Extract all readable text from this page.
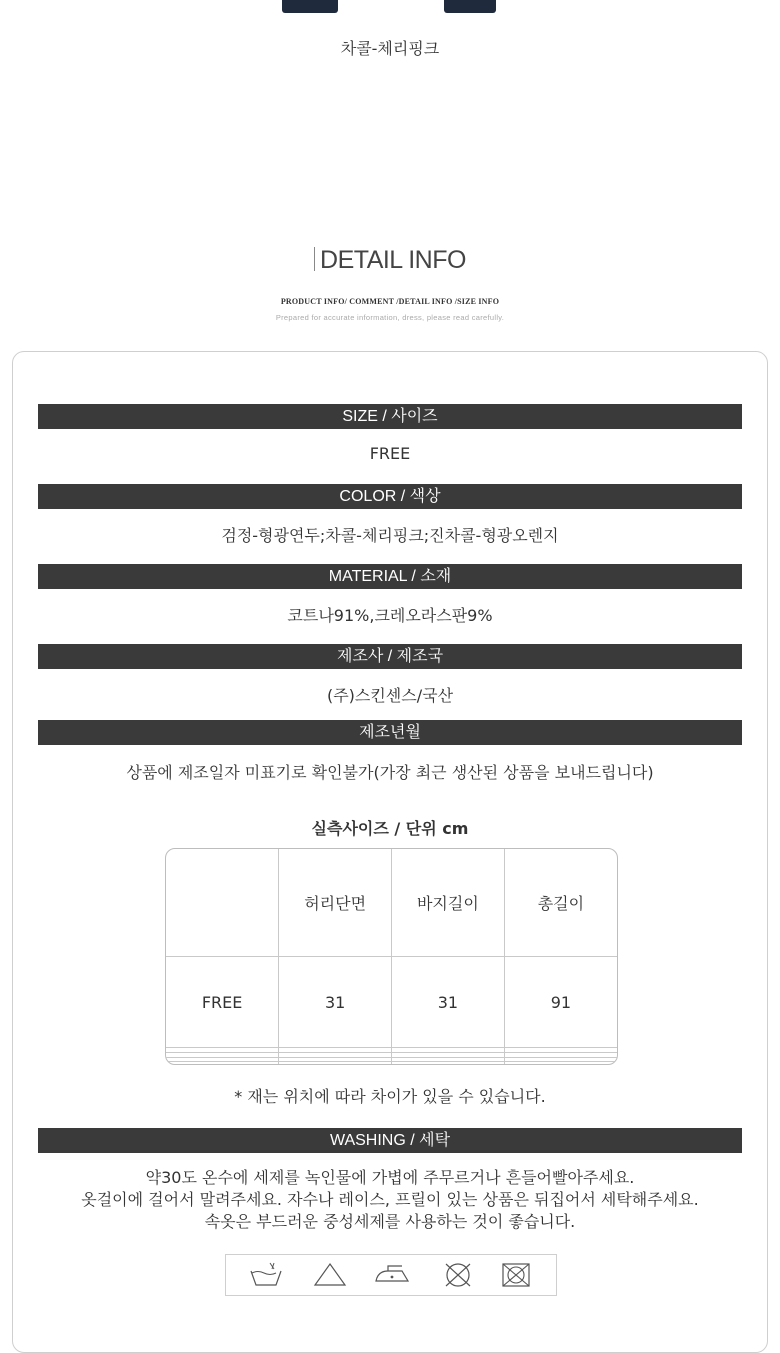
차콜-체리핑크
DETAIL INFO
PRODUCT INFO/ COMMENT /DETAIL INFO /SIZE INFO
Prepared for accurate information, dress, please read carefully.
SIZE / 사이즈
FREE
COLOR / 색상
검정-형광연두;차콜-체리핑크;진차콜-형광오렌지
MATERIAL / 소재
코트나91%,크레오라스판9%
제조사 / 제조국
(주)스킨센스/국산
제조년월
상품에 제조일자 미표기로 확인불가(가장 최근 생산된 상품을 보내드립니다)
실측사이즈 / 단위 cm
	허리단면	바지길이	총길이
FREE	31	31	91

* 재는 위치에 따라 차이가 있을 수 있습니다.
WASHING / 세탁
약30도 온수에 세제를 녹인물에 가볍에 주무르거나 흔들어빨아주세요.
옷걸이에 걸어서 말려주세요. 자수나 레이스, 프릴이 있는 상품은 뒤집어서 세탁해주세요.
속옷은 부드러운 중성세제를 사용하는 것이 좋습니다.
